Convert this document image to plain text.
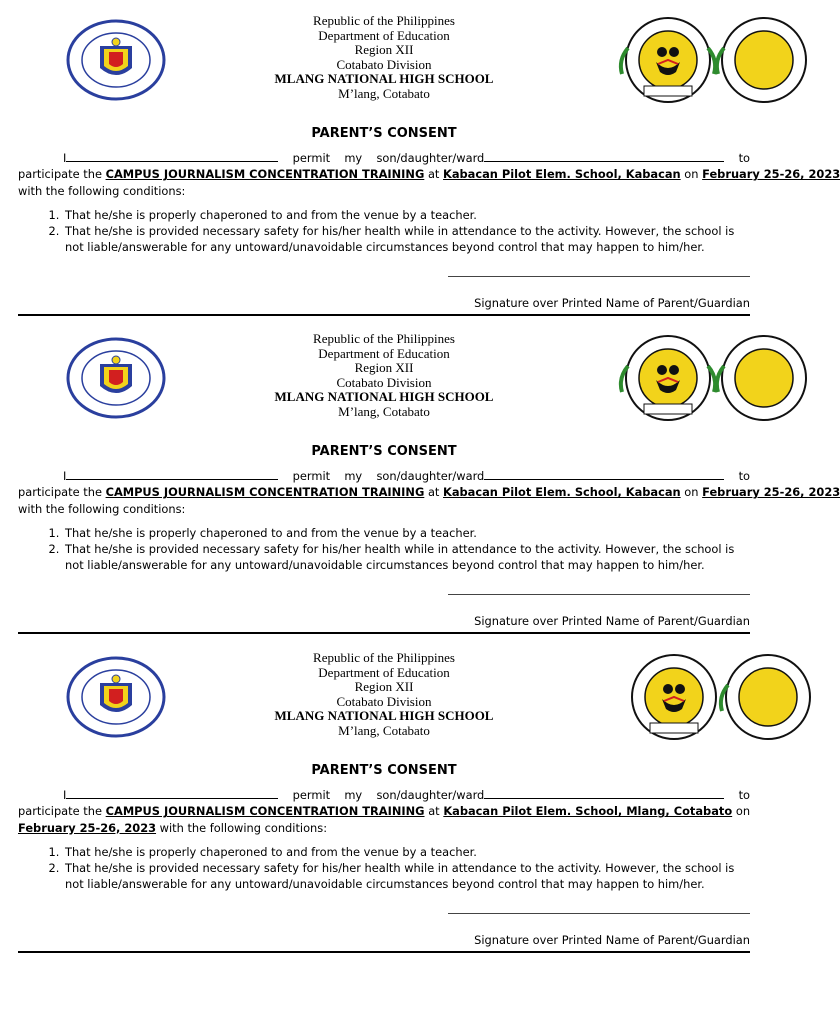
Republic of the Philippines
Department of Education
Region XII
Cotabato Division
MLANG NATIONAL HIGH SCHOOL
M’lang, Cotabato
PARENT’S CONSENT

I	permit my son/daughter/ward	to

participate the CAMPUS JOURNALISM CONCENTRATION TRAINING at Kabacan Pilot Elem. School, Kabacan on February 25-26, 2023

with the following conditions:

1. That he/she is properly chaperoned to and from the venue by a teacher.
2. That he/she is provided necessary safety for his/her health while in attendance to the activity. However, the school is
not liable/answerable for any untoward/unavoidable circumstances beyond control that may happen to him/her.
Signature over Printed Name of Parent/Guardian
Republic of the Philippines
Department of Education
Region XII
Cotabato Division
MLANG NATIONAL HIGH SCHOOL
M’lang, Cotabato
PARENT’S CONSENT

I	permit my son/daughter/ward	to

participate the CAMPUS JOURNALISM CONCENTRATION TRAINING at Kabacan Pilot Elem. School, Kabacan on February 25-26, 2023

with the following conditions:

1. That he/she is properly chaperoned to and from the venue by a teacher.
2. That he/she is provided necessary safety for his/her health while in attendance to the activity. However, the school is
not liable/answerable for any untoward/unavoidable circumstances beyond control that may happen to him/her.
Signature over Printed Name of Parent/Guardian
Republic of the Philippines
Department of Education
Region XII
Cotabato Division
MLANG NATIONAL HIGH SCHOOL
M’lang, Cotabato
PARENT’S CONSENT

I	permit my son/daughter/ward	to

participate the CAMPUS JOURNALISM CONCENTRATION TRAINING at Kabacan Pilot Elem. School, Mlang, Cotabato on

February 25-26, 2023 with the following conditions:

1. That he/she is properly chaperoned to and from the venue by a teacher.
2. That he/she is provided necessary safety for his/her health while in attendance to the activity. However, the school is
not liable/answerable for any untoward/unavoidable circumstances beyond control that may happen to him/her.
Signature over Printed Name of Parent/Guardian
